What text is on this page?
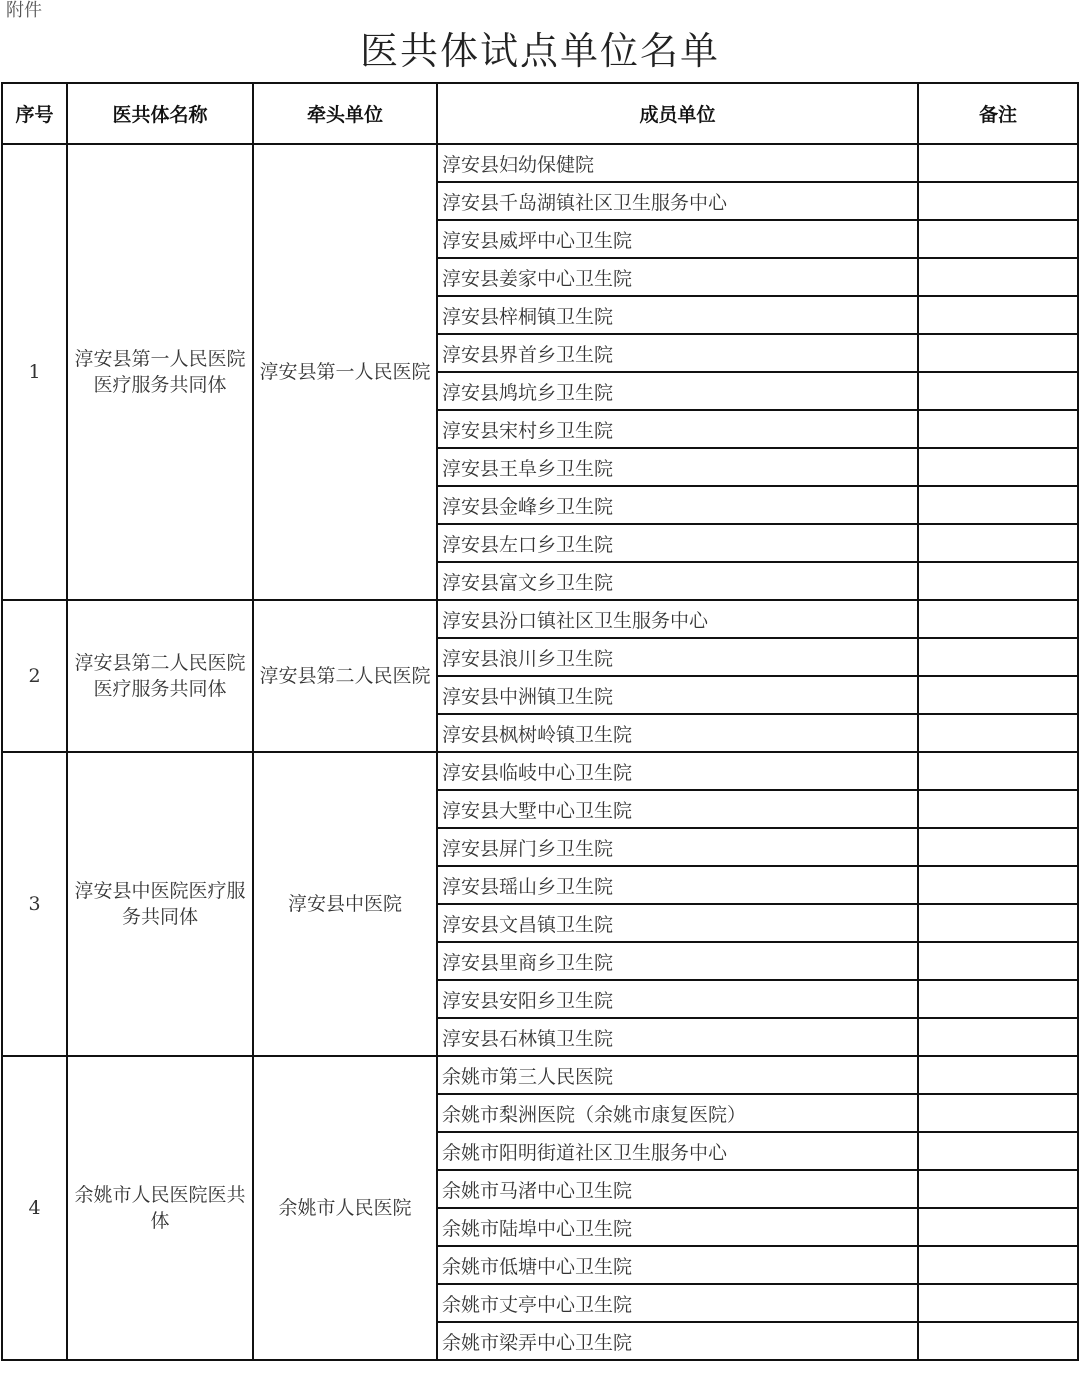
附件
医共体试点单位名单
序号	医共体名称	牵头单位	成员单位	备注
1	淳安县第一人民医院医疗服务共同体	淳安县第一人民医院	淳安县妇幼保健院	
			淳安县千岛湖镇社区卫生服务中心	
			淳安县威坪中心卫生院	
			淳安县姜家中心卫生院	
			淳安县梓桐镇卫生院	
			淳安县界首乡卫生院	
			淳安县鸠坑乡卫生院	
			淳安县宋村乡卫生院	
			淳安县王阜乡卫生院	
			淳安县金峰乡卫生院	
			淳安县左口乡卫生院	
			淳安县富文乡卫生院	
2	淳安县第二人民医院医疗服务共同体	淳安县第二人民医院	淳安县汾口镇社区卫生服务中心	
			淳安县浪川乡卫生院	
			淳安县中洲镇卫生院	
			淳安县枫树岭镇卫生院	
3	淳安县中医院医疗服务共同体	淳安县中医院	淳安县临岐中心卫生院	
			淳安县大墅中心卫生院	
			淳安县屏门乡卫生院	
			淳安县瑶山乡卫生院	
			淳安县文昌镇卫生院	
			淳安县里商乡卫生院	
			淳安县安阳乡卫生院	
			淳安县石林镇卫生院	
4	余姚市人民医院医共体	余姚市人民医院	余姚市第三人民医院	
			余姚市梨洲医院（余姚市康复医院）	
			余姚市阳明街道社区卫生服务中心	
			余姚市马渚中心卫生院	
			余姚市陆埠中心卫生院	
			余姚市低塘中心卫生院	
			余姚市丈亭中心卫生院	
			余姚市梁弄中心卫生院	
